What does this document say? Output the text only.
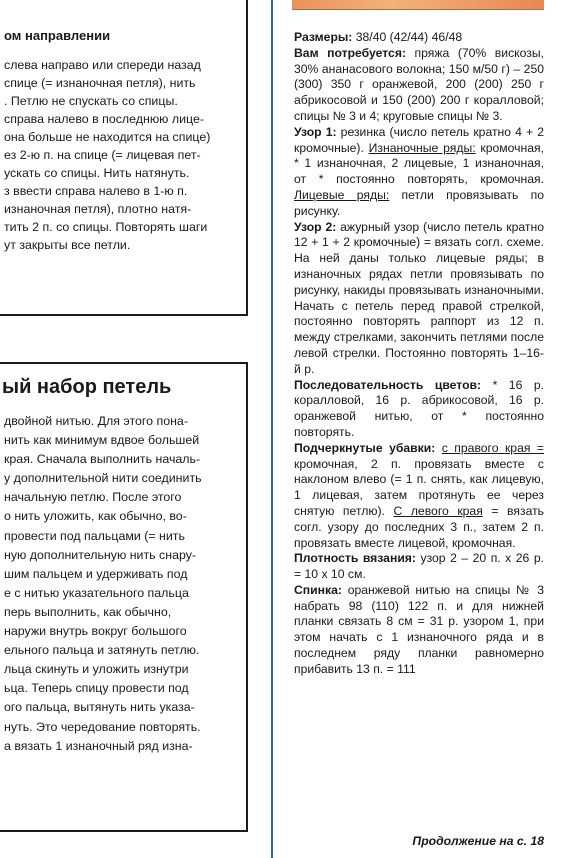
ом направлении
слева направо или спереди назад
спице (= изнаночная петля), нить
. Петлю не спускать со спицы.
справа налево в последнюю лице-
она больше не находится на спице)
ез 2-ю п. на спице (= лицевая пет-
ускать со спицы. Нить натянуть.
з ввести справа налево в 1-ю п.
изнаночная петля), плотно натя-
тить 2 п. со спицы. Повторять шаги
ут закрыты все петли.
ый набор петель
двойной нитью. Для этого пона-
нить как минимум вдвое большей
края. Сначала выполнить началь-
у дополнительной нити соединить
начальную петлю. После этого
о нить уложить, как обычно, во-
провести под пальцами (= нить
ную дополнительную нить снару-
шим пальцем и удерживать под
е с нитью указательного пальца
перь выполнить, как обычно,
наружи внутрь вокруг большого
ельного пальца и затянуть петлю.
льца скинуть и уложить изнутри
ьца. Теперь спицу провести под
ого пальца, вытянуть нить указа-
нуть. Это чередование повторять.
а вязать 1 изнаночный ряд изна-

Размеры: 38/40 (42/44) 46/48

Вам потребуется: пряжа (70% вискозы, 30% ананасового волокна; 150 м/50 г) – 250 (300) 350 г оранжевой, 200 (200) 250 г абрикосовой и 150 (200) 200 г коралловой; спицы № 3 и 4; круговые спицы № 3.

Узор 1: резинка (число петель кратно 4 + 2 кромочные). Изнаночные ряды: кромочная, * 1 изнаночная, 2 лицевые, 1 изнаночная, от * постоянно повторять, кромочная. Лицевые ряды: петли провязывать по рисунку.

Узор 2: ажурный узор (число петель кратно 12 + 1 + 2 кромочные) = вязать согл. схеме. На ней даны только лицевые ряды; в изнаночных рядах петли провязывать по рисунку, накиды провязывать изнаночными. Начать с петель перед правой стрелкой, постоянно повторять раппорт из 12 п. между стрелками, закончить петлями после левой стрелки. Постоянно повторять 1–16-й р.

Последовательность цветов: * 16 р. коралловой, 16 р. абрикосовой, 16 р. оранжевой нитью, от * постоянно повторять.

Подчеркнутые убавки: с правого края = кромочная, 2 п. провязать вместе с наклоном влево (= 1 п. снять, как лицевую, 1 лицевая, затем протянуть ее через снятую петлю). С левого края = вязать согл. узору до последних 3 п., затем 2 п. провязать вместе лицевой, кромочная.

Плотность вязания: узор 2 – 20 п. х 26 р. = 10 х 10 см.

Спинка: оранжевой нитью на спицы № 3 набрать 98 (110) 122 п. и для нижней планки связать 8 см = 31 р. узором 1, при этом начать с 1 изнаночного ряда и в последнем ряду планки равномерно прибавить 13 п. = 111

Продолжение на с. 18
